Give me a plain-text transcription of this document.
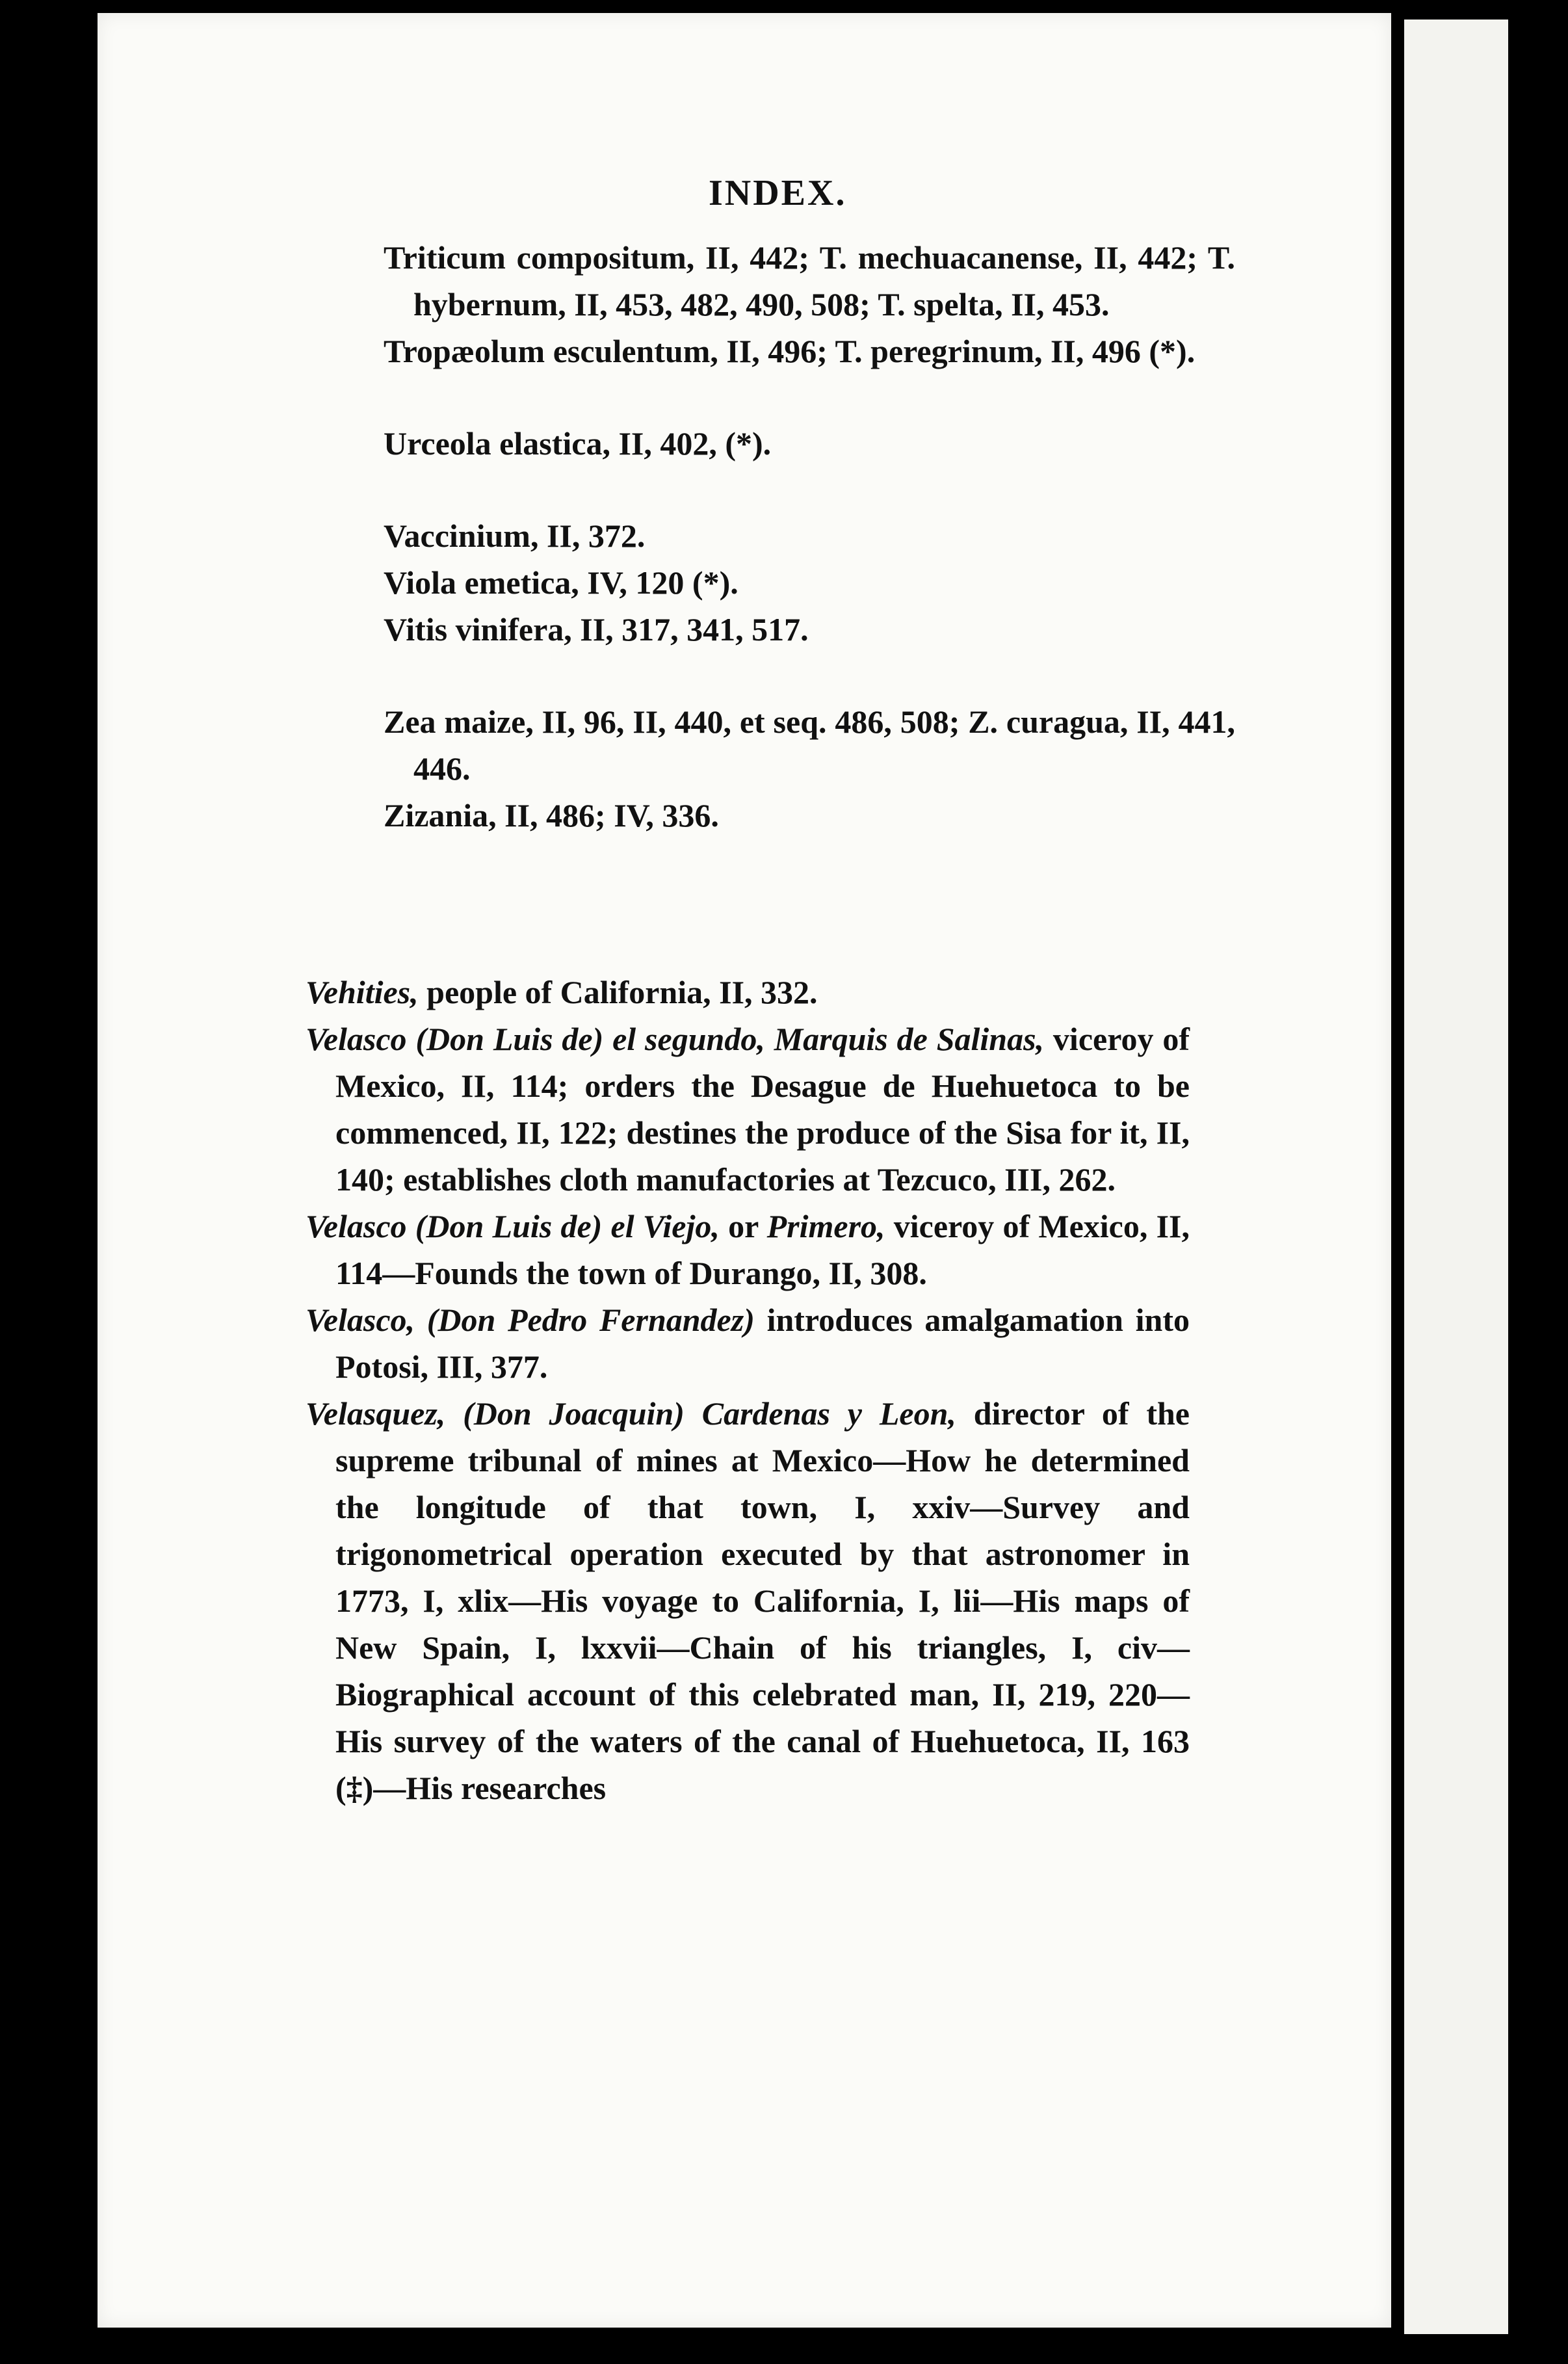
INDEX.

Triticum compositum, II, 442; T. mechuacanense, II, 442; T. hybernum, II, 453, 482, 490, 508; T. spelta, II, 453.

Tropæolum esculentum, II, 496; T. peregrinum, II, 496 (*).

Urceola elastica, II, 402, (*).

Vaccinium, II, 372.

Viola emetica, IV, 120 (*).

Vitis vinifera, II, 317, 341, 517.

Zea maize, II, 96, II, 440, et seq. 486, 508; Z. curagua, II, 441, 446.

Zizania, II, 486; IV, 336.

Vehities, people of California, II, 332.

Velasco (Don Luis de) el segundo, Marquis de Salinas, viceroy of Mexico, II, 114; orders the Desague de Huehuetoca to be commenced, II, 122; destines the produce of the Sisa for it, II, 140; establishes cloth manufactories at Tezcuco, III, 262.

Velasco (Don Luis de) el Viejo, or Primero, viceroy of Mexico, II, 114—Founds the town of Durango, II, 308.

Velasco, (Don Pedro Fernandez) introduces amalgamation into Potosi, III, 377.

Velasquez, (Don Joacquin) Cardenas y Leon, director of the supreme tribunal of mines at Mexico—How he determined the longitude of that town, I, xxiv—Survey and trigonometrical operation executed by that astronomer in 1773, I, xlix—His voyage to California, I, lii—His maps of New Spain, I, lxxvii—Chain of his triangles, I, civ—Biographical account of this celebrated man, II, 219, 220—His survey of the waters of the canal of Huehuetoca, II, 163 (‡)—His researches
